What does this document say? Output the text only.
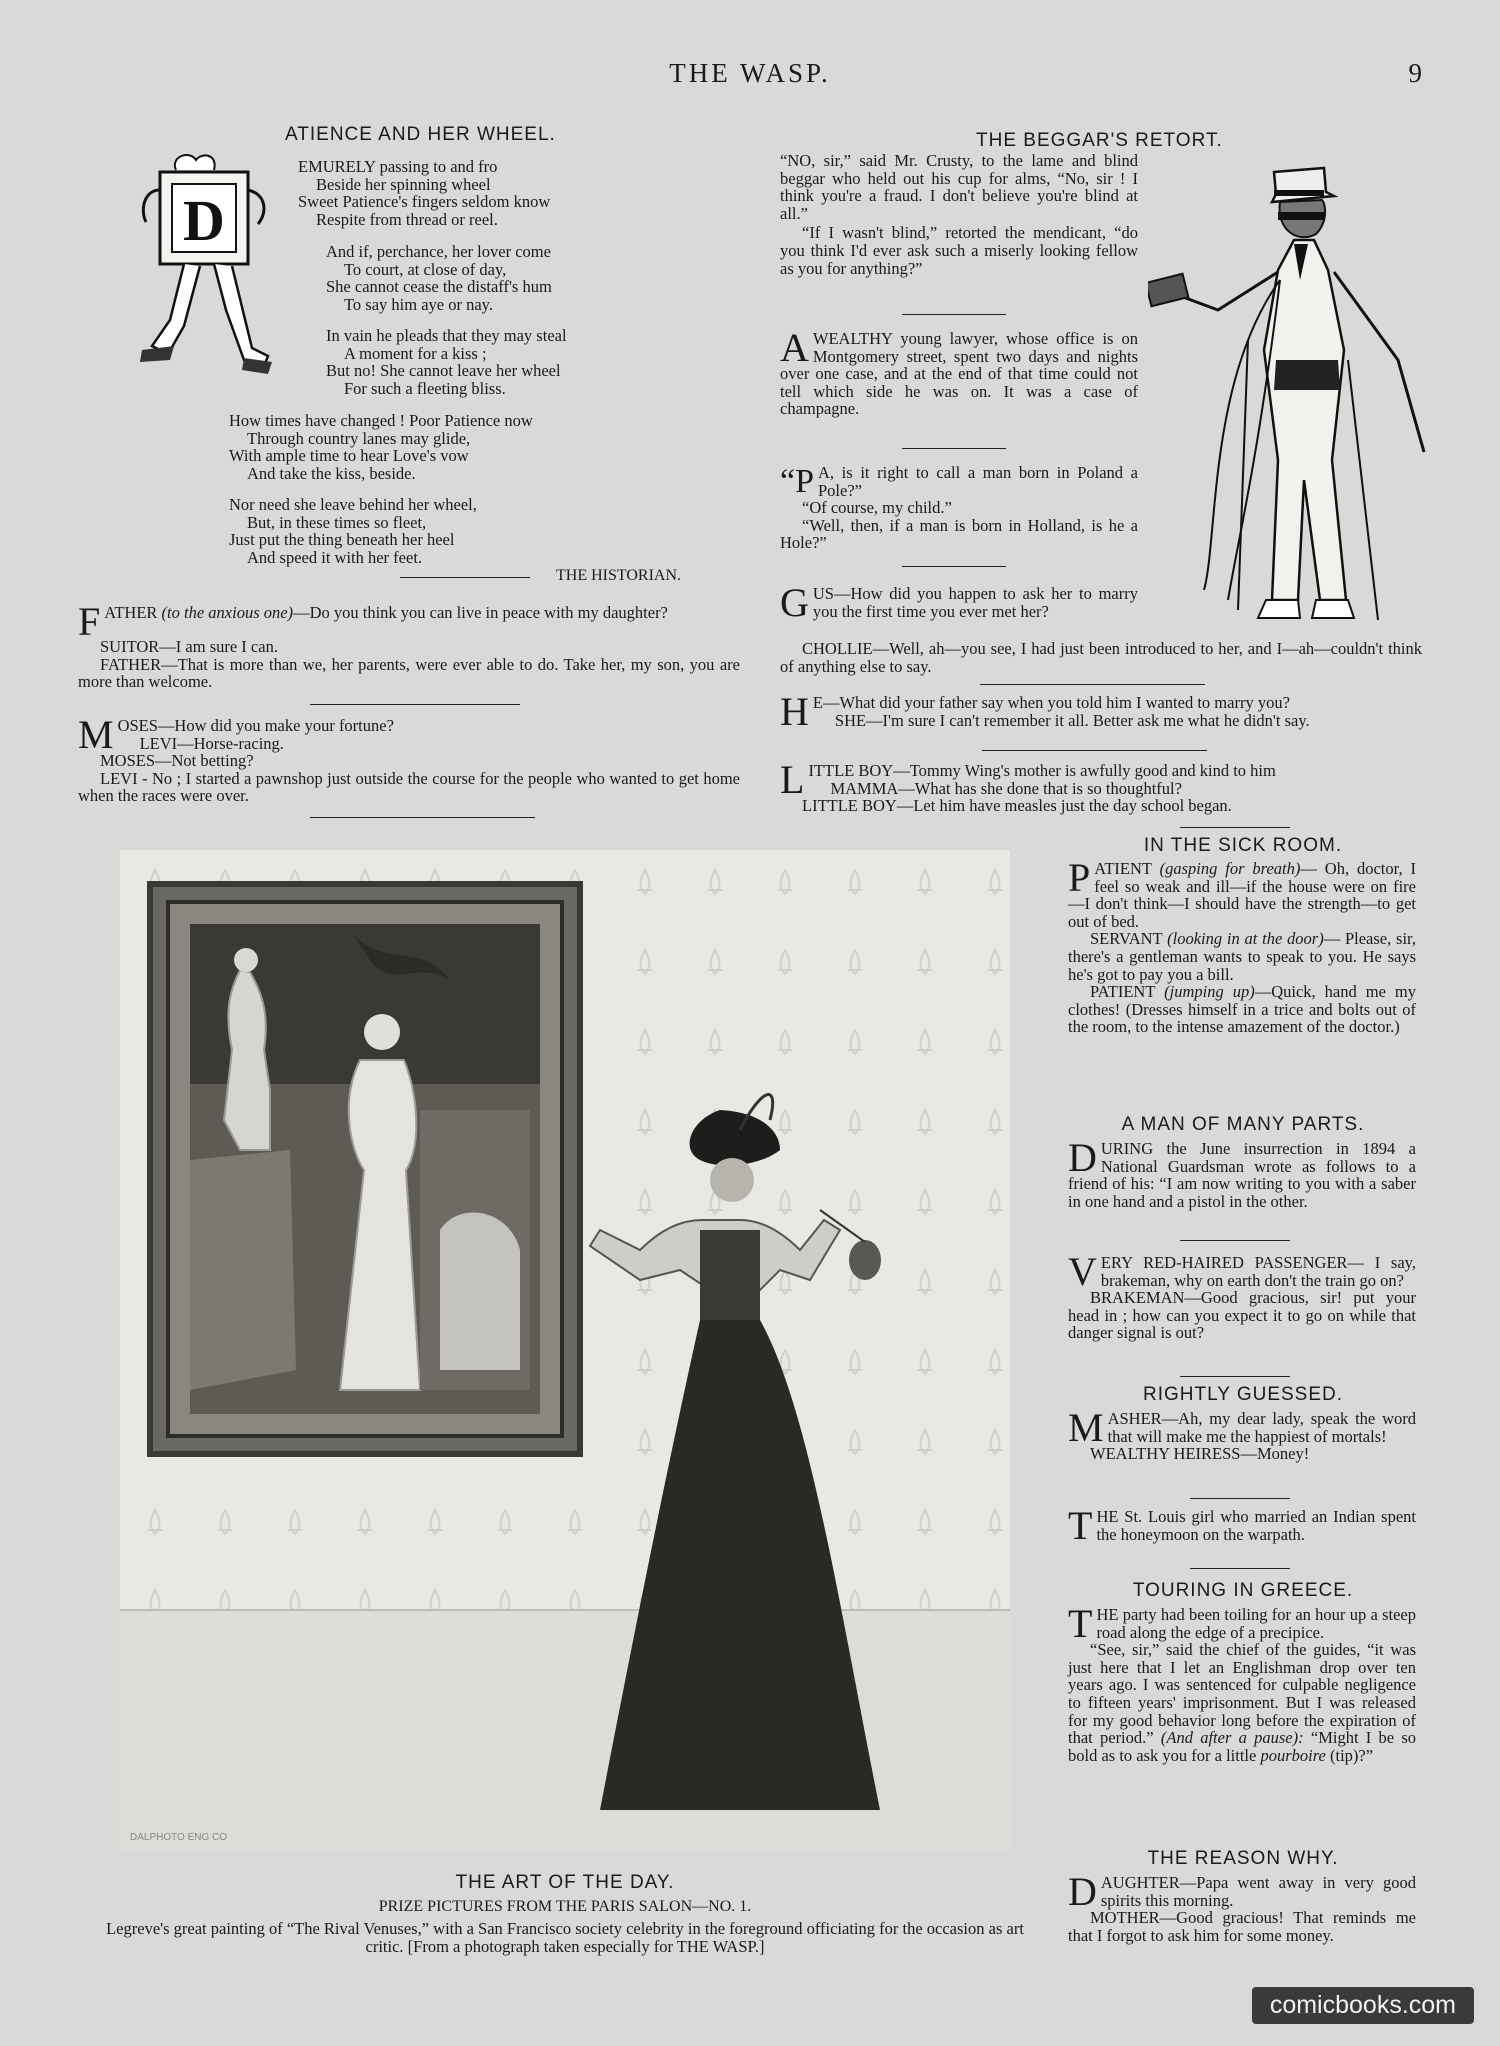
THE WASP.	9
ATIENCE AND HER WHEEL.
D
EMURELY passing to and fro
Beside her spinning wheel
Sweet Patience's fingers seldom know
Respite from thread or reel.
And if, perchance, her lover come
To court, at close of day,
She cannot cease the distaff's hum
To say him aye or nay.
In vain he pleads that they may steal
A moment for a kiss ;
But no! She cannot leave her wheel
For such a fleeting bliss.
How times have changed ! Poor Patience now
Through country lanes may glide,
With ample time to hear Love's vow
And take the kiss, beside.
Nor need she leave behind her wheel,
But, in these times so fleet,
Just put the thing beneath her heel
And speed it with her feet.
THE HISTORIAN.
F ATHER (to the anxious one)—Do you think you can live in peace with my daughter?
SUITOR—I am sure I can.
FATHER—That is more than we, her parents, were ever able to do. Take her, my son, you are more than welcome.
M OSES—How did you make your fortune?
LEVI—Horse-racing.
MOSES—Not betting?
LEVI - No ; I started a pawnshop just outside the course for the people who wanted to get home when the races were over.
THE BEGGAR'S RETORT.
“NO, sir,” said Mr. Crusty, to the lame and blind beggar who held out his cup for alms, “No, sir ! I think you're a fraud. I don't believe you're blind at all.”
“If I wasn't blind,” retorted the mendicant, “do you think I'd ever ask such a miserly looking fellow as you for anything?”
A WEALTHY young lawyer, whose office is on Montgomery street, spent two days and nights over one case, and at the end of that time could not tell which side he was on. It was a case of champagne.
“P A, is it right to call a man born in Poland a Pole?”
“Of course, my child.”
“Well, then, if a man is born in Holland, is he a Hole?”
G US—How did you happen to ask her to marry you the first time you ever met her?
CHOLLIE—Well, ah—you see, I had just been introduced to her, and I—ah—couldn't think of anything else to say.
H E—What did your father say when you told him I wanted to marry you?
SHE—I'm sure I can't remember it all. Better ask me what he didn't say.
L ITTLE BOY—Tommy Wing's mother is awfully good and kind to him
MAMMA—What has she done that is so thoughtful?
LITTLE BOY—Let him have measles just the day school began.
IN THE SICK ROOM.
P ATIENT (gasping for breath)— Oh, doctor, I feel so weak and ill—if the house were on fire—I don't think—I should have the strength—to get out of bed.
SERVANT (looking in at the door)— Please, sir, there's a gentleman wants to speak to you. He says he's got to pay you a bill.
PATIENT (jumping up)—Quick, hand me my clothes! (Dresses himself in a trice and bolts out of the room, to the intense amazement of the doctor.)
A MAN OF MANY PARTS.
D URING the June insurrection in 1894 a National Guardsman wrote as follows to a friend of his: “I am now writing to you with a saber in one hand and a pistol in the other.
V ERY RED-HAIRED PASSENGER— I say, brakeman, why on earth don't the train go on?
BRAKEMAN—Good gracious, sir! put your head in ; how can you expect it to go on while that danger signal is out?
RIGHTLY GUESSED.
M ASHER—Ah, my dear lady, speak the word that will make me the happiest of mortals!
WEALTHY HEIRESS—Money!
T HE St. Louis girl who married an Indian spent the honeymoon on the warpath.
TOURING IN GREECE.
T HE party had been toiling for an hour up a steep road along the edge of a precipice.
“See, sir,” said the chief of the guides, “it was just here that I let an Englishman drop over ten years ago. I was sentenced for culpable negligence to fifteen years' imprisonment. But I was released for my good behavior long before the expiration of that period.” (And after a pause): “Might I be so bold as to ask you for a little pourboire (tip)?”
THE REASON WHY.
D AUGHTER—Papa went away in very good spirits this morning.
MOTHER—Good gracious! That reminds me that I forgot to ask him for some money.
DALPHOTO ENG CO
THE ART OF THE DAY.
PRIZE PICTURES FROM THE PARIS SALON—NO. 1.
Legreve's great painting of “The Rival Venuses,” with a San Francisco society celebrity in the foreground officiating for the occasion as art critic. [From a photograph taken especially for THE WASP.]
comicbooks.com
